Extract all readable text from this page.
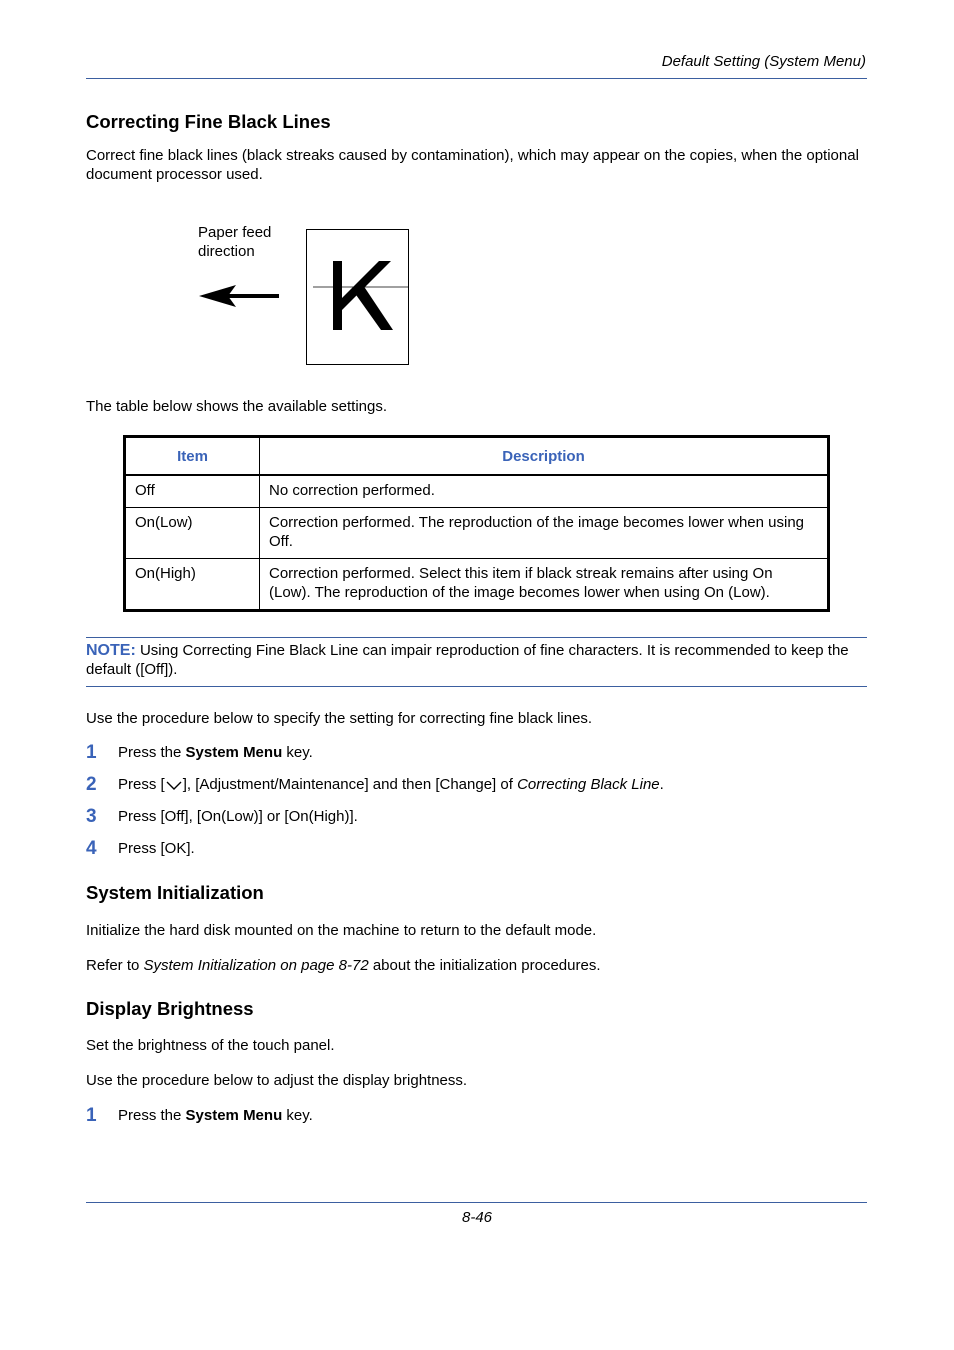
Default Setting (System Menu)
Correcting Fine Black Lines

Correct fine black lines (black streaks caused by contamination), which may appear on the copies, when the optional document processor used.

Paper feed
direction

The table below shows the available settings.

Item	Description
Off	No correction performed.
On(Low)	Correction performed. The reproduction of the image becomes lower when using Off.
On(High)	Correction performed. Select this item if black streak remains after using On (Low). The reproduction of the image becomes lower when using On (Low).

NOTE: Using Correcting Fine Black Line can impair reproduction of fine characters. It is recommended to keep the default ([Off]).

Use the procedure below to specify the setting for correcting fine black lines.

1 Press the System Menu key.
2 Press [ ], [Adjustment/Maintenance] and then [Change] of Correcting Black Line.
3 Press [Off], [On(Low)] or [On(High)].
4 Press [OK].
System Initialization

Initialize the hard disk mounted on the machine to return to the default mode.

Refer to System Initialization on page 8-72 about the initialization procedures.

Display Brightness

Set the brightness of the touch panel.

Use the procedure below to adjust the display brightness.

1 Press the System Menu key.
8-46
